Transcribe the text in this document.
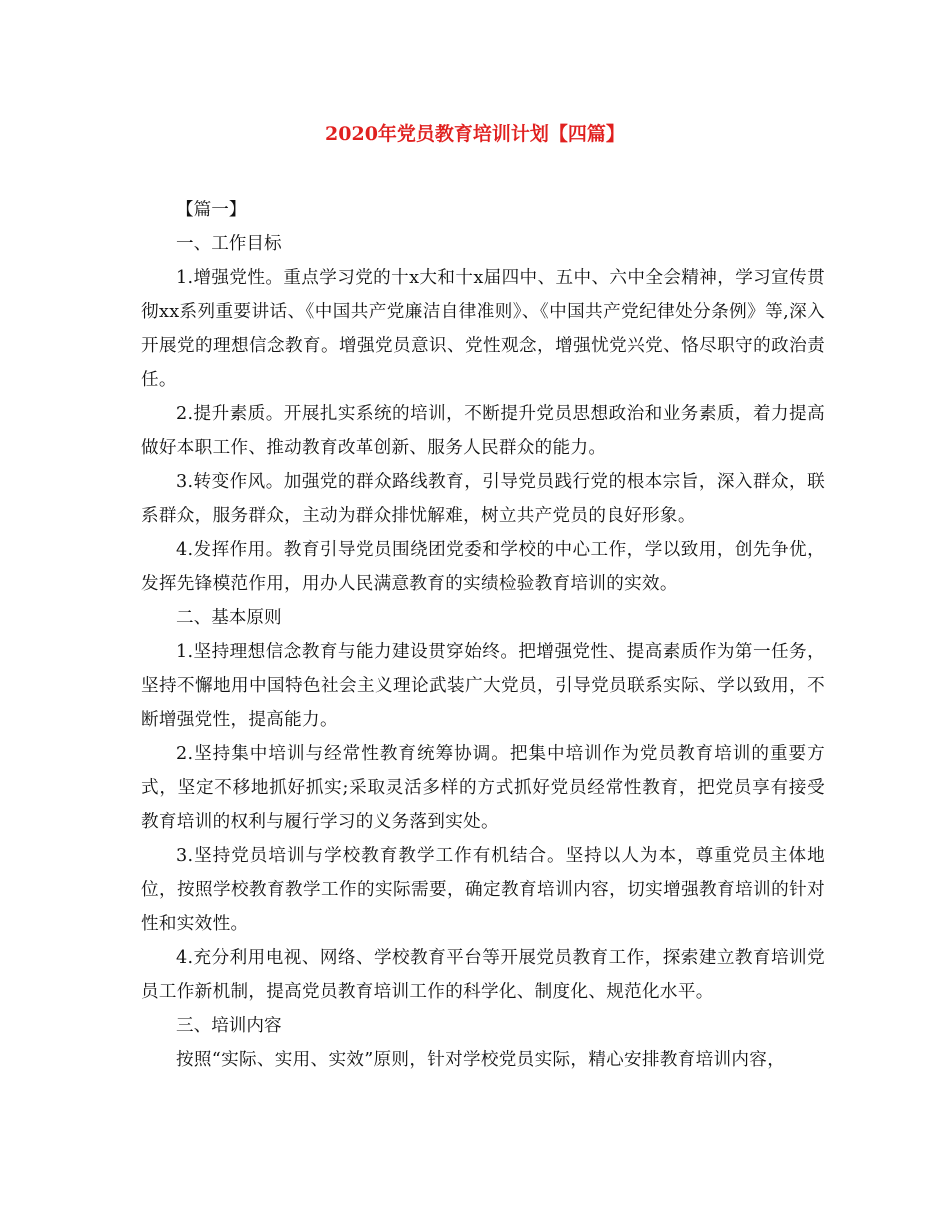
2020年党员教育培训计划【四篇】

【篇一】

一、工作目标

1.增强党性。重点学习党的十x大和十x届四中、五中、六中全会精神，学习宣传贯彻xx系列重要讲话、《中国共产党廉洁自律准则》、《中国共产党纪律处分条例》等,深入开展党的理想信念教育。增强党员意识、党性观念，增强忧党兴党、恪尽职守的政治责任。

2.提升素质。开展扎实系统的培训，不断提升党员思想政治和业务素质，着力提高做好本职工作、推动教育改革创新、服务人民群众的能力。

3.转变作风。加强党的群众路线教育，引导党员践行党的根本宗旨，深入群众，联系群众，服务群众，主动为群众排忧解难，树立共产党员的良好形象。

4.发挥作用。教育引导党员围绕团党委和学校的中心工作，学以致用，创先争优，发挥先锋模范作用，用办人民满意教育的实绩检验教育培训的实效。

二、基本原则

1.坚持理想信念教育与能力建设贯穿始终。把增强党性、提高素质作为第一任务，坚持不懈地用中国特色社会主义理论武装广大党员，引导党员联系实际、学以致用，不断增强党性，提高能力。

2.坚持集中培训与经常性教育统筹协调。把集中培训作为党员教育培训的重要方式，坚定不移地抓好抓实;采取灵活多样的方式抓好党员经常性教育，把党员享有接受教育培训的权利与履行学习的义务落到实处。

3.坚持党员培训与学校教育教学工作有机结合。坚持以人为本，尊重党员主体地位，按照学校教育教学工作的实际需要，确定教育培训内容，切实增强教育培训的针对性和实效性。

4.充分利用电视、网络、学校教育平台等开展党员教育工作，探索建立教育培训党员工作新机制，提高党员教育培训工作的科学化、制度化、规范化水平。

三、培训内容

按照“实际、实用、实效”原则，针对学校党员实际，精心安排教育培训内容，
